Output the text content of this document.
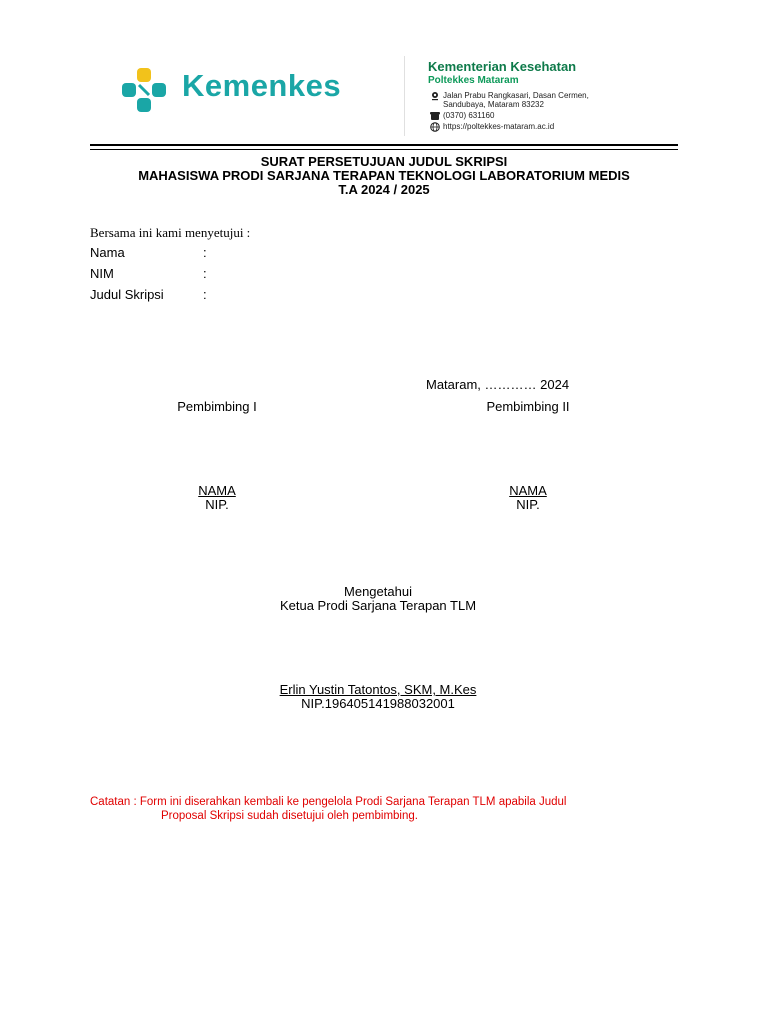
Kemenkes
Kementerian Kesehatan
Poltekkes Mataram
Jalan Prabu Rangkasari, Dasan Cermen,
Sandubaya, Mataram 83232
(0370) 631160
https://poltekkes-mataram.ac.id
SURAT PERSETUJUAN JUDUL SKRIPSI
MAHASISWA PRODI SARJANA TERAPAN TEKNOLOGI LABORATORIUM MEDIS
T.A 2024 / 2025
Bersama ini kami menyetujui :
Nama	:
NIM	:
Judul Skripsi	:
Mataram, ………… 2024
Pembimbing I	Pembimbing II
NAMA
NIP.
NAMA
NIP.
Mengetahui
Ketua Prodi Sarjana Terapan TLM
Erlin Yustin Tatontos, SKM, M.Kes
NIP.196405141988032001
Catatan : Form ini diserahkan kembali ke pengelola Prodi Sarjana Terapan TLM apabila Judul
Proposal Skripsi sudah disetujui oleh pembimbing.
